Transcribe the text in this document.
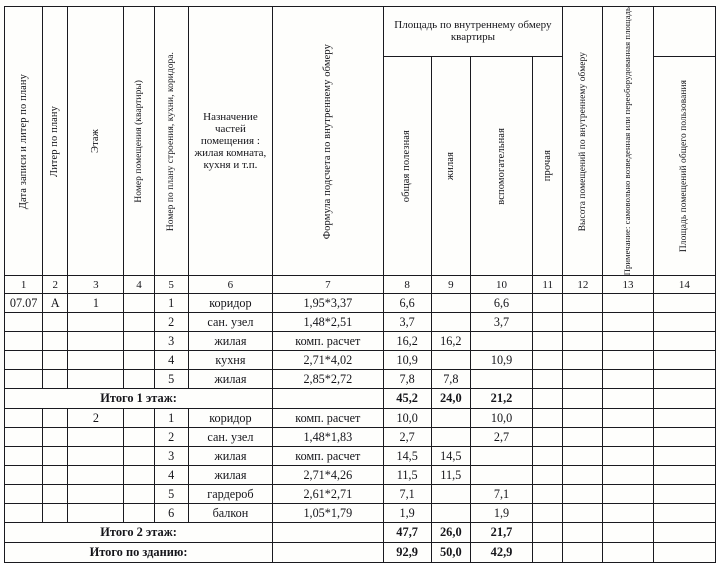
Дата записи и литер по плану	Литер по плану	Этаж	Номер помещения (квартиры)	Номер по плану строения, кухни, коридора.	Назначение частей помещения : жилая комната, кухня и т.п.	Формула подсчета по внутреннему обмеру	Площадь по внутреннему обмеру квартиры				Высота помещений по внутреннему обмеру	Примечание: самовольно возведенная или переоборудованная площадь	

							общая полезная	жилая	вспомогательная	прочая			Площадь помещений общего пользования

1	2	3	4	5	6	7	8	9	10	11	12	13	14
07.07	А	1		1	коридор	1,95*3,37	6,6		6,6				
				2	сан. узел	1,48*2,51	3,7		3,7				
				3	жилая	комп. расчет	16,2	16,2					
				4	кухня	2,71*4,02	10,9		10,9				
				5	жилая	2,85*2,72	7,8	7,8					
Итого 1 этаж:							45,2	24,0	21,2				
		2		1	коридор	комп. расчет	10,0		10,0				
				2	сан. узел	1,48*1,83	2,7		2,7				
				3	жилая	комп. расчет	14,5	14,5					
				4	жилая	2,71*4,26	11,5	11,5					
				5	гардероб	2,61*2,71	7,1		7,1				
				6	балкон	1,05*1,79	1,9		1,9				
Итого 2 этаж:							47,7	26,0	21,7				
Итого по зданию:							92,9	50,0	42,9				
